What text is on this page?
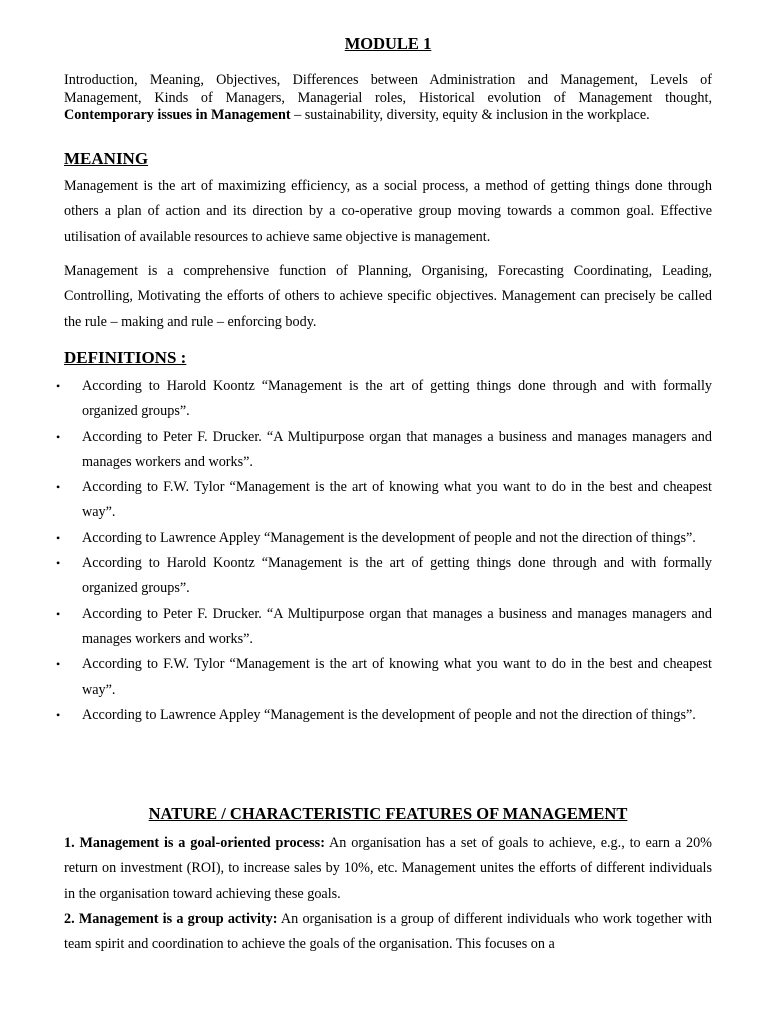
MODULE 1
Introduction, Meaning, Objectives, Differences between Administration and Management, Levels of Management, Kinds of Managers, Managerial roles, Historical evolution of Management thought, Contemporary issues in Management – sustainability, diversity, equity & inclusion in the workplace.
MEANING

Management is the art of maximizing efficiency, as a social process, a method of getting things done through others a plan of action and its direction by a co-operative group moving towards a common goal. Effective utilisation of available resources to achieve same objective is management.

Management is a comprehensive function of Planning, Organising, Forecasting Coordinating, Leading, Controlling, Motivating the efforts of others to achieve specific objectives. Management can precisely be called the rule – making and rule – enforcing body.

DEFINITIONS :
• According to Harold Koontz “Management is the art of getting things done through and with formally organized groups”.
• According to Peter F. Drucker. “A Multipurpose organ that manages a business and manages managers and manages workers and works”.
• According to F.W. Tylor “Management is the art of knowing what you want to do in the best and cheapest way”.
• According to Lawrence Appley “Management is the development of people and not the direction of things”.
• According to Harold Koontz “Management is the art of getting things done through and with formally organized groups”.
• According to Peter F. Drucker. “A Multipurpose organ that manages a business and manages managers and manages workers and works”.
• According to F.W. Tylor “Management is the art of knowing what you want to do in the best and cheapest way”.
• According to Lawrence Appley “Management is the development of people and not the direction of things”.
NATURE / CHARACTERISTIC FEATURES OF MANAGEMENT

1. Management is a goal-oriented process: An organisation has a set of goals to achieve, e.g., to earn a 20% return on investment (ROI), to increase sales by 10%, etc. Management unites the efforts of different individuals in the organisation toward achieving these goals.

2. Management is a group activity: An organisation is a group of different individuals who work together with team spirit and coordination to achieve the goals of the organisation. This focuses on a
